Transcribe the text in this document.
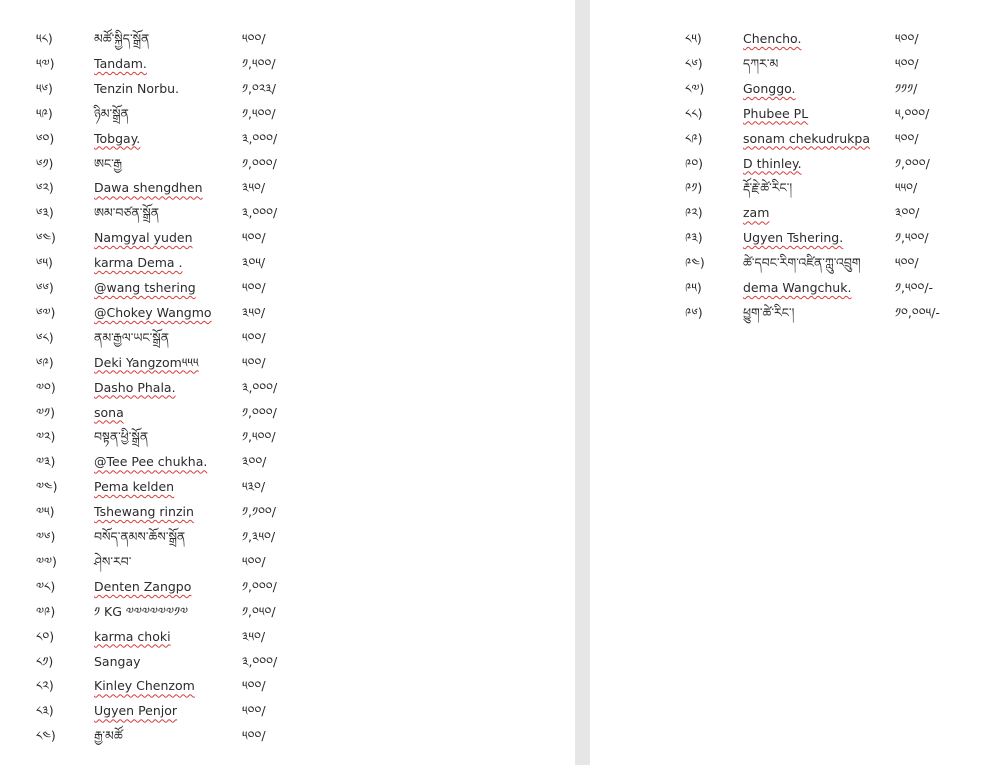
༥༨)	མཚོ་སྐྱིད་སྒྲོན	༥༠༠/
༥༧)	Tandam.	༡,༥༠༠/
༥༦)	Tenzin Norbu.	༡,༠༢༣/
༥༩)	ཉིམ་སྒྲོན	༡,༥༠༠/
༦༠)	Tobgay.	༣,༠༠༠/
༦༡)	ཨང་རྒྱ	༡,༠༠༠/
༦༢)	Dawa shengdhen	༣༥༠/
༦༣)	ཨམ་བཙན་སྒྲོན	༣,༠༠༠/
༦༤)	Namgyal yuden	༥༠༠/
༦༥)	karma Dema .	༣༠༥/
༦༦)	@wang tshering	༥༠༠/
༦༧)	@Chokey Wangmo ༣༥༠/
༦༨)	ནམ་རྒྱལ་ཡང་སྒྲོན	༥༠༠/
༦༩)	Deki Yangzom༥༥༥	༥༠༠/
༧༠)	Dasho Phala.	༣,༠༠༠/
༧༡)	sona	༡,༠༠༠/
༧༢)	བསྟན་ཕྱི་སྒྲོན	༡,༥༠༠/
༧༣)	@Tee Pee chukha.	༣༠༠/
༧༤)	Pema kelden	༥༣༠/
༧༥)	Tshewang rinzin	༡,༡༠༠/
༧༦)	བསོད་ནམས་ཆོས་སྒྲོན	༡,༣༥༠/
༧༧)	ཤེས་རབ་	༥༠༠/
༧༨)	Denten Zangpo	༡,༠༠༠/
༧༩)	༡ KG ༧༧༧༧༧༧༡༧	༡,༠༥༠/
༨༠)	karma choki	༣༥༠/
༨༡)	Sangay	༣,༠༠༠/
༨༢)	Kinley Chenzom	༥༠༠/
༨༣)	Ugyen Penjor	༥༠༠/
༨༤)	རྒྱ་མཚོ	༥༠༠/
༨༥)	Chencho.	༥༠༠/
༨༦)	དཀར་མ	༥༠༠/
༨༧)	Gonggo.	༡༡༡/
༨༨)	Phubee PL	༥,༠༠༠/
༨༩)	sonam chekudrukpa ༥༠༠/
༩༠)	D thinley.	༡,༠༠༠/
༩༡)	རྡོ་རྗེ་ཚེ་རིང་།	༥༥༠/
༩༢)	zam	༣༠༠/
༩༣)	Ugyen Tshering.	༡,༥༠༠/
༩༤)	ཚེ་དབང་རིག་འཛིན་ཀླུ་འབྲུག	༥༠༠/
༩༥)	dema Wangchuk.	༡,༥༠༠/-
༩༦)	ཕྱུག་ཚེ་རིང་།	༡༠,༠༠༥/-
